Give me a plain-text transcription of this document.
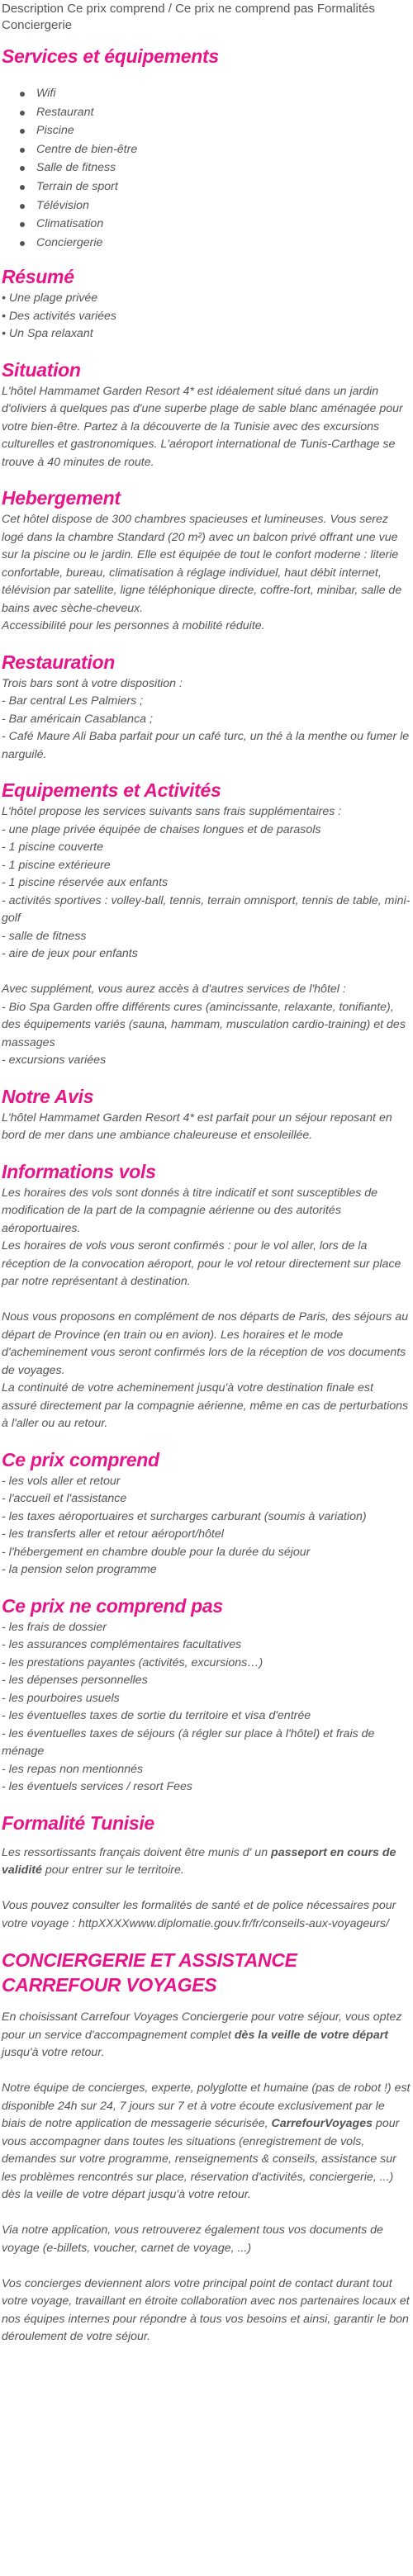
Description Ce prix comprend / Ce prix ne comprend pas Formalités Conciergerie

Services et équipements
Wifi
Restaurant
Piscine
Centre de bien-être
Salle de fitness
Terrain de sport
Télévision
Climatisation
Conciergerie
Résumé

• Une plage privée

• Des activités variées

• Un Spa relaxant

Situation

L'hôtel Hammamet Garden Resort 4* est idéalement situé dans un jardin d'oliviers à quelques pas d'une superbe plage de sable blanc aménagée pour votre bien-être. Partez à la découverte de la Tunisie avec des excursions culturelles et gastronomiques. L'aéroport international de Tunis-Carthage se trouve à 40 minutes de route.

Hebergement

Cet hôtel dispose de 300 chambres spacieuses et lumineuses. Vous serez logé dans la chambre Standard (20 m²) avec un balcon privé offrant une vue sur la piscine ou le jardin. Elle est équipée de tout le confort moderne : literie confortable, bureau, climatisation à réglage individuel, haut débit internet, télévision par satellite, ligne téléphonique directe, coffre-fort, minibar, salle de bains avec sèche-cheveux.

Accessibilité pour les personnes à mobilité réduite.

Restauration

Trois bars sont à votre disposition :

- Bar central Les Palmiers ;

- Bar américain Casablanca ;

- Café Maure Ali Baba parfait pour un café turc, un thé à la menthe ou fumer le narguilé.

Equipements et Activités

L'hôtel propose les services suivants sans frais supplémentaires :

- une plage privée équipée de chaises longues et de parasols

- 1 piscine couverte

- 1 piscine extérieure

- 1 piscine réservée aux enfants

- activités sportives : volley-ball, tennis, terrain omnisport, tennis de table, mini-golf

- salle de fitness

- aire de jeux pour enfants

Avec supplément, vous aurez accès à d'autres services de l'hôtel :

- Bio Spa Garden offre différents cures (amincissante, relaxante, tonifiante), des équipements variés (sauna, hammam, musculation cardio-training) et des massages

- excursions variées

Notre Avis

L'hôtel Hammamet Garden Resort 4* est parfait pour un séjour reposant en bord de mer dans une ambiance chaleureuse et ensoleillée.

Informations vols

Les horaires des vols sont donnés à titre indicatif et sont susceptibles de modification de la part de la compagnie aérienne ou des autorités aéroportuaires.

Les horaires de vols vous seront confirmés : pour le vol aller, lors de la réception de la convocation aéroport, pour le vol retour directement sur place par notre représentant à destination.

Nous vous proposons en complément de nos départs de Paris, des séjours au départ de Province (en train ou en avion). Les horaires et le mode d'acheminement vous seront confirmés lors de la réception de vos documents de voyages.

La continuité de votre acheminement jusqu'à votre destination finale est assuré directement par la compagnie aérienne, même en cas de perturbations à l'aller ou au retour.

Ce prix comprend

- les vols aller et retour

- l'accueil et l'assistance

- les taxes aéroportuaires et surcharges carburant (soumis à variation)

- les transferts aller et retour aéroport/hôtel

- l'hébergement en chambre double pour la durée du séjour

- la pension selon programme

Ce prix ne comprend pas

- les frais de dossier

- les assurances complémentaires facultatives

- les prestations payantes (activités, excursions…)

- les dépenses personnelles

- les pourboires usuels

- les éventuelles taxes de sortie du territoire et visa d'entrée

- les éventuelles taxes de séjours (à régler sur place à l'hôtel) et frais de ménage

- les repas non mentionnés

- les éventuels services / resort Fees

Formalité Tunisie

Les ressortissants français doivent être munis d' un passeport en cours de validité pour entrer sur le territoire.

Vous pouvez consulter les formalités de santé et de police nécessaires pour votre voyage : httpXXXXwww.diplomatie.gouv.fr/fr/conseils-aux-voyageurs/

CONCIERGERIE ET ASSISTANCE CARREFOUR VOYAGES

En choisissant Carrefour Voyages Conciergerie pour votre séjour, vous optez pour un service d'accompagnement complet dès la veille de votre départ jusqu'à votre retour.

Notre équipe de concierges, experte, polyglotte et humaine (pas de robot !) est disponible 24h sur 24, 7 jours sur 7 et à votre écoute exclusivement par le biais de notre application de messagerie sécurisée, CarrefourVoyages pour vous accompagner dans toutes les situations (enregistrement de vols, demandes sur votre programme, renseignements & conseils, assistance sur les problèmes rencontrés sur place, réservation d'activités, conciergerie, ...) dès la veille de votre départ jusqu'à votre retour.

Via notre application, vous retrouverez également tous vos documents de voyage (e-billets, voucher, carnet de voyage, ...)

Vos concierges deviennent alors votre principal point de contact durant tout votre voyage, travaillant en étroite collaboration avec nos partenaires locaux et nos équipes internes pour répondre à tous vos besoins et ainsi, garantir le bon déroulement de votre séjour.
